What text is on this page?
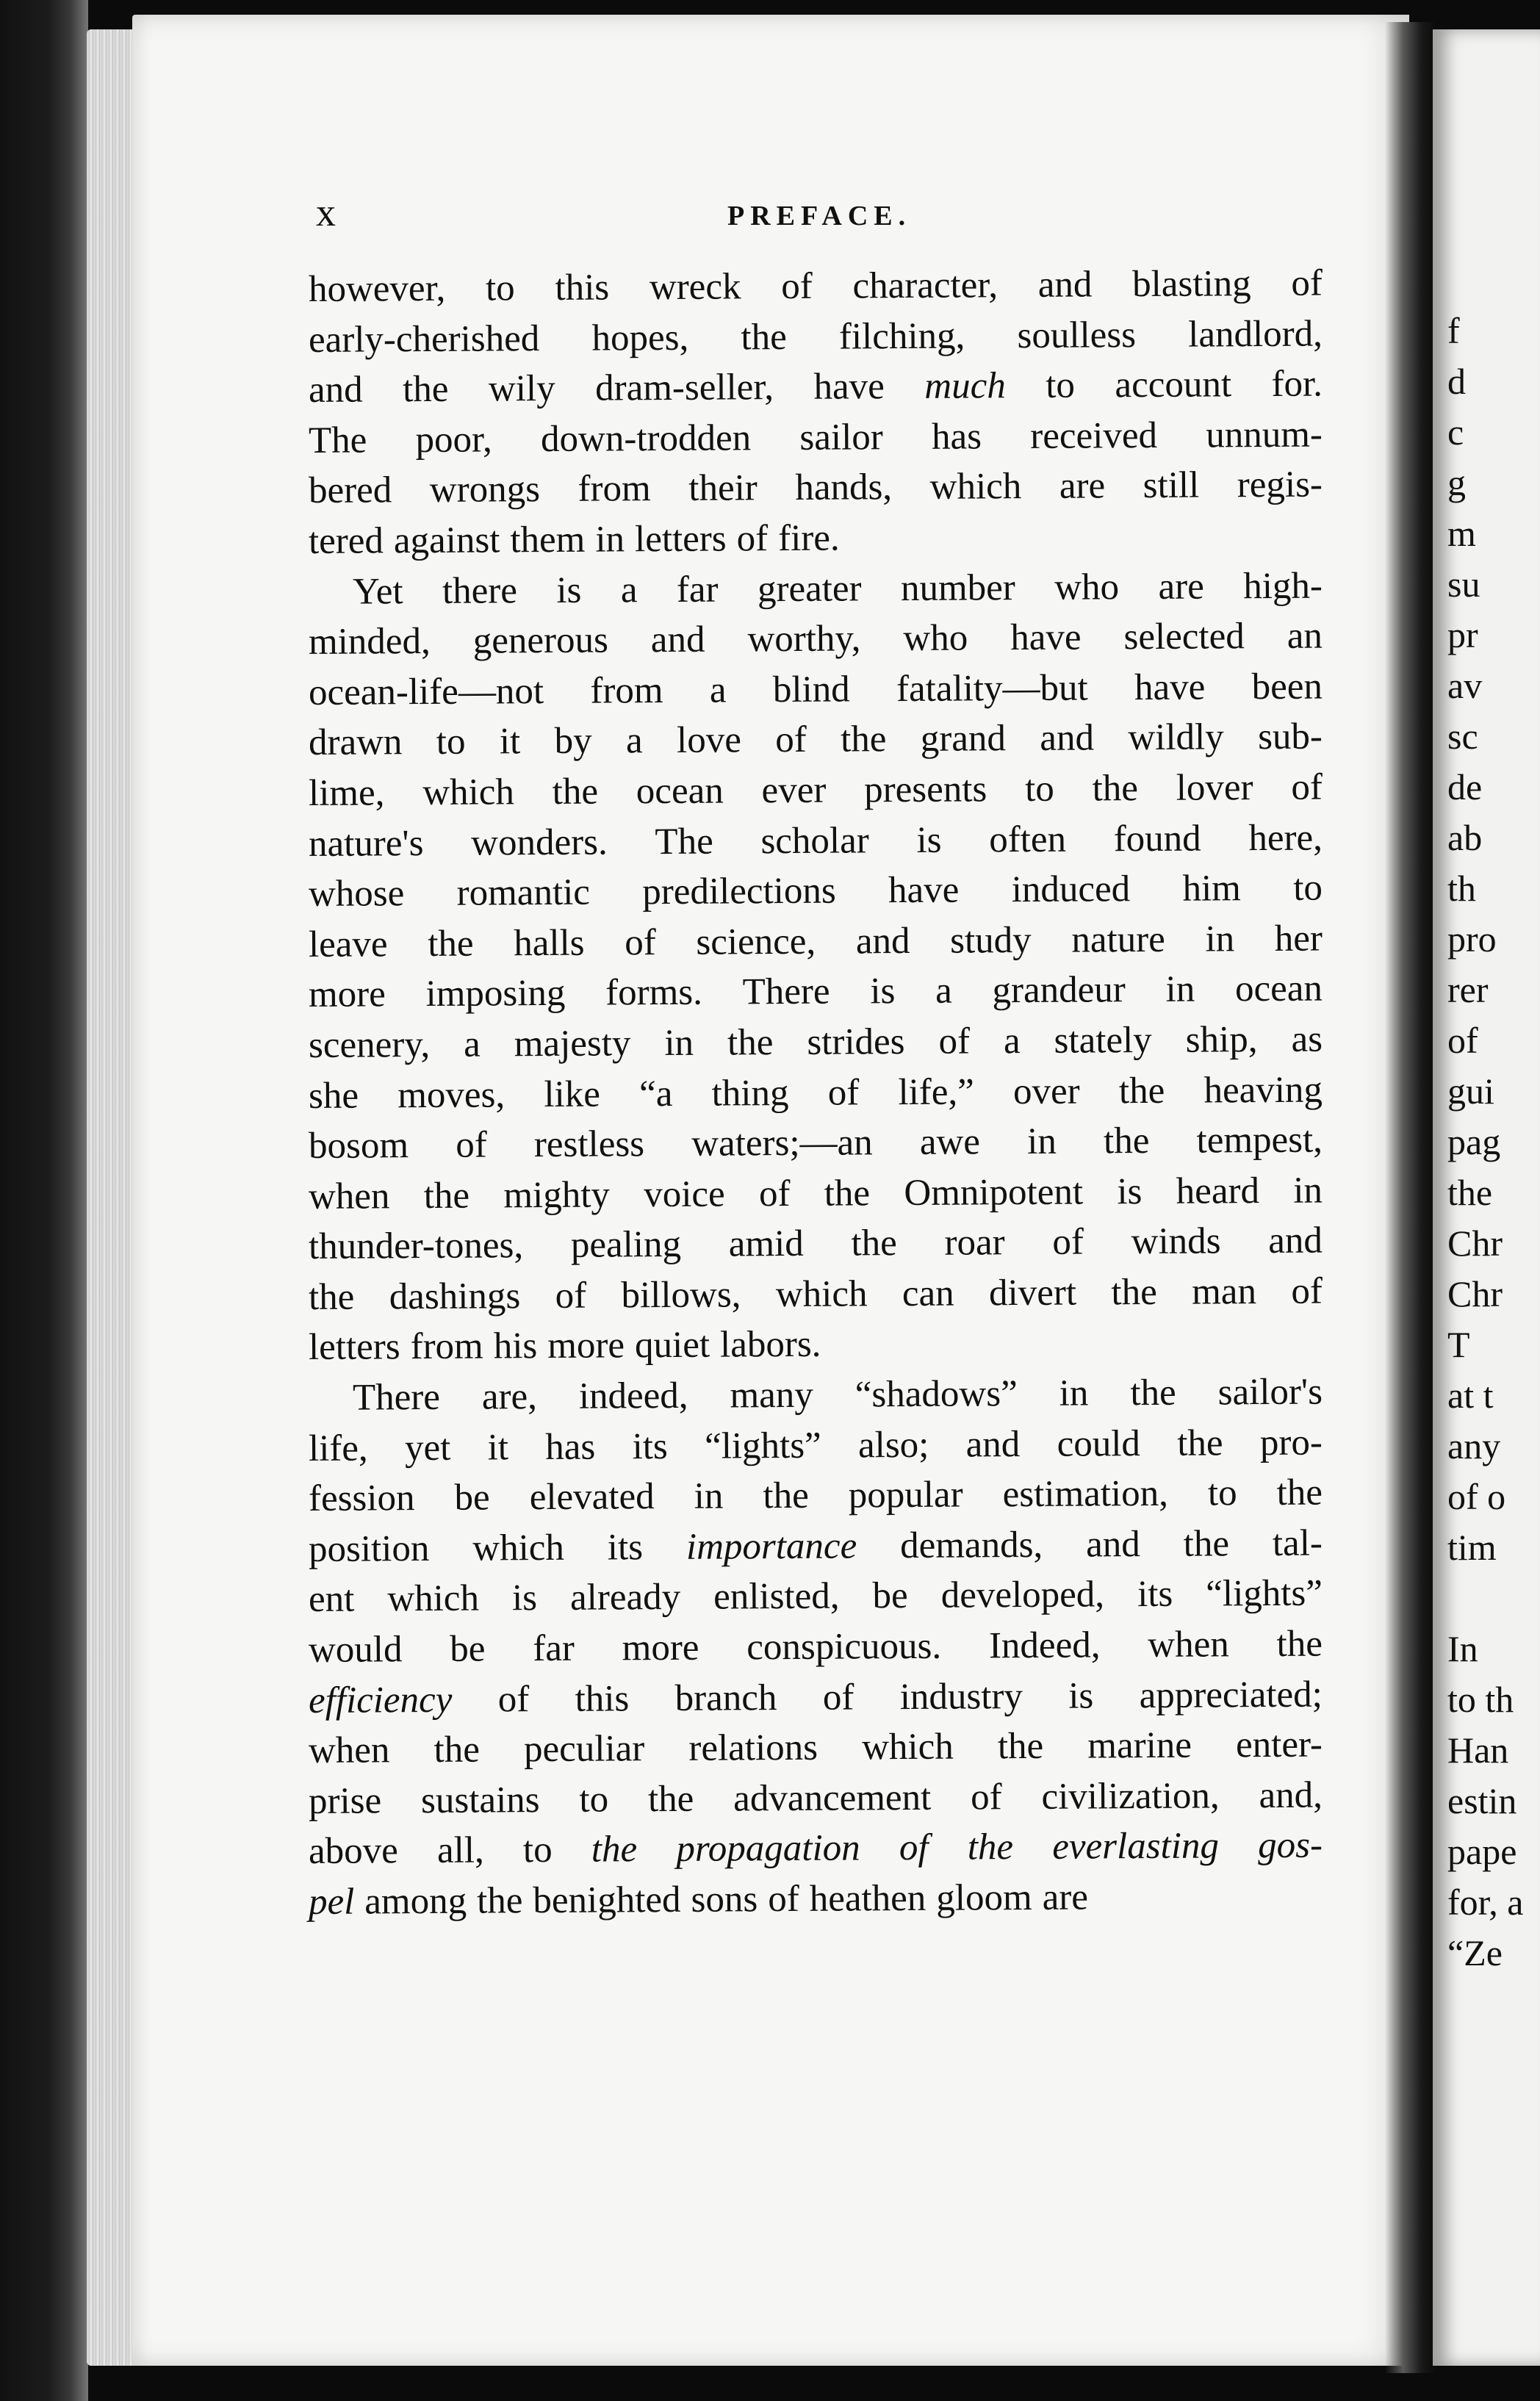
f
d
c
g
m
su
pr
av
sc
de
ab
th
pro
rer
of
gui
pag
the
Chr
Chr
T
at t
any
of o
tim
In
to th
Han
estin
pape
for, a
“Ze
x	PREFACE.
however, to this wreck of character, and blasting of
early-cherished hopes, the filching, soulless landlord,
and the wily dram-seller, have much to account for.
The poor, down-trodden sailor has received unnum-
bered wrongs from their hands, which are still regis-
tered against them in letters of fire.
Yet there is a far greater number who are high-
minded, generous and worthy, who have selected an
ocean-life—not from a blind fatality—but have been
drawn to it by a love of the grand and wildly sub-
lime, which the ocean ever presents to the lover of
nature's wonders. The scholar is often found here,
whose romantic predilections have induced him to
leave the halls of science, and study nature in her
more imposing forms. There is a grandeur in ocean
scenery, a majesty in the strides of a stately ship, as
she moves, like “a thing of life,” over the heaving
bosom of restless waters;—an awe in the tempest,
when the mighty voice of the Omnipotent is heard in
thunder-tones, pealing amid the roar of winds and
the dashings of billows, which can divert the man of
letters from his more quiet labors.
There are, indeed, many “shadows” in the sailor's
life, yet it has its “lights” also; and could the pro-
fession be elevated in the popular estimation, to the
position which its importance demands, and the tal-
ent which is already enlisted, be developed, its “lights”
would be far more conspicuous. Indeed, when the
efficiency of this branch of industry is appreciated;
when the peculiar relations which the marine enter-
prise sustains to the advancement of civilization, and,
above all, to the propagation of the everlasting gos-
pel among the benighted sons of heathen gloom are
